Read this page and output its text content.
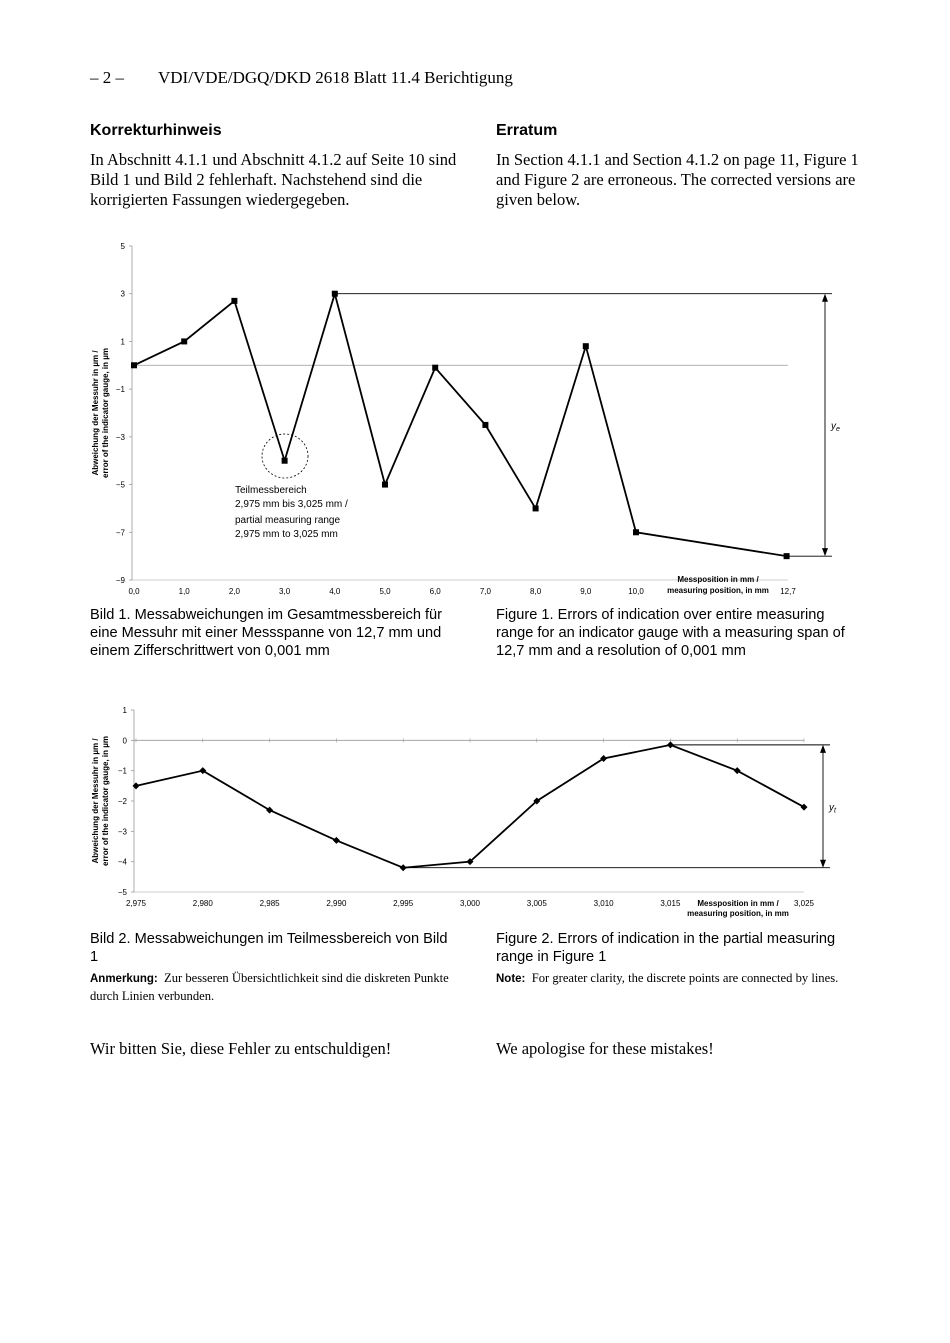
– 2 – VDI/VDE/DGQ/DKD 2618 Blatt 11.4 Berichtigung
Korrekturhinweis	Erratum
In Abschnitt 4.1.1 und Abschnitt 4.1.2 auf Seite 10 sind Bild 1 und Bild 2 fehlerhaft. Nachstehend sind die korrigierten Fassungen wiedergegeben.
In Section 4.1.1 and Section 4.1.2 on page 11, Figure 1 and Figure 2 are erroneous. The corrected versions are given below.
5
3
1
−1
−3
−5
−7
−9
0,0	1,0	2,0	3,0	4,0	5,0	6,0	7,0	8,0	9,0	10,0	12,7
$y_e$
Abweichung der Messuhr in µm / error of the indicator gauge, in µm
Messposition in mm /
measuring position, in mm
Teilmessbereich
2,975 mm bis 3,025 mm /
partial measuring range
2,975 mm to 3,025 mm
Bild 1. Messabweichungen im Gesamtmessbereich für eine Messuhr mit einer Messspanne von 12,7 mm und einem Zifferschrittwert von 0,001 mm
Figure 1. Errors of indication over entire measuring range for an indicator gauge with a measuring span of 12,7 mm and a resolution of 0,001 mm
1
0
−1
−2
−3
−4
−5
2,975	2,980	2,985	2,990	2,995	3,000	3,005	3,010	3,015	3,025
$y_t$
Abweichung der Messuhr in µm / error of the indicator gauge, in µm
Messposition in mm /
measuring position, in mm
Bild 2. Messabweichungen im Teilmessbereich von Bild 1
Figure 2. Errors of indication in the partial measuring range in Figure 1
Anmerkung: Zur besseren Übersichtlichkeit sind die diskreten Punkte durch Linien verbunden.
Note: For greater clarity, the discrete points are connected by lines.
Wir bitten Sie, diese Fehler zu entschuldigen!	We apologise for these mistakes!
